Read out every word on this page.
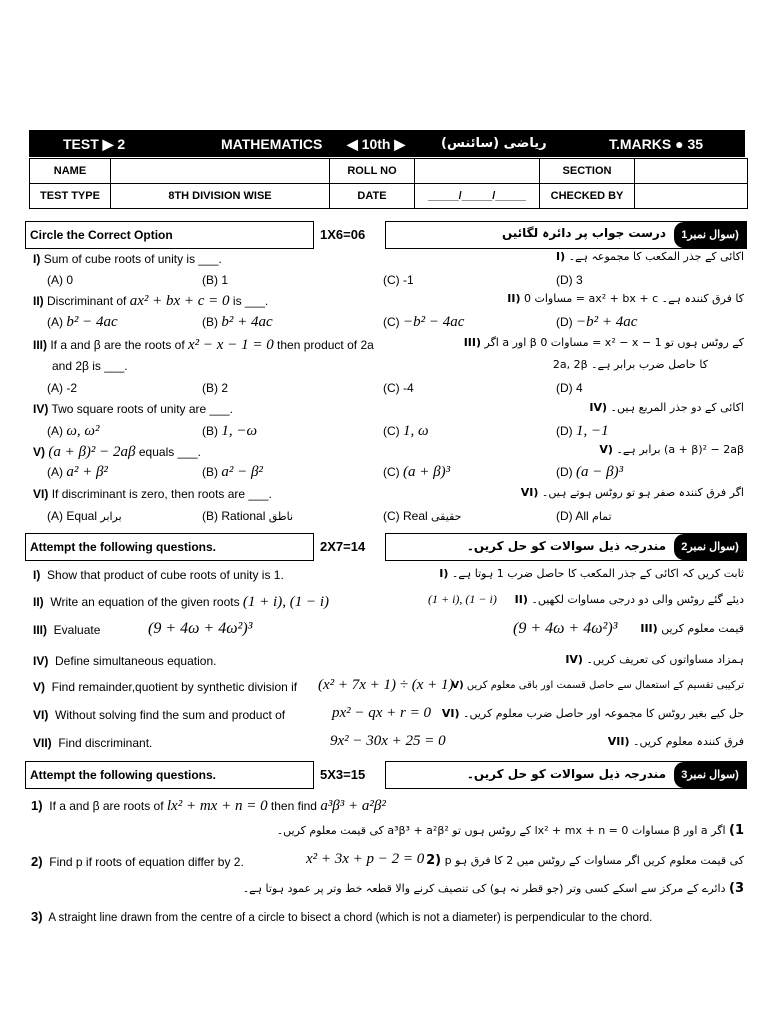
TEST ▶ 2	MATHEMATICS ◀ 10th ▶	ریاضی (سائنس)	T.MARKS ● 35
NAME		ROLL NO		SECTION	
TEST TYPE	8TH DIVISION WISE	DATE	_____/_____/_____	CHECKED BY	
Circle the Correct Option	1X6=06	درست جواب پر دائرہ لگائیں	سوال نمبر1)
I) Sum of cube roots of unity is ___.	I) اکائی کے جذر المکعب کا مجموعہ ہے۔
(A) 0	(B) 1	(C) -1	(D) 3
II) Discriminant of ax² + bx + c = 0 is ___.	II) مساوات 0 = ax² + bx + c کا فرق کنندہ ہے۔
(A) b² − 4ac	(B) b² + 4ac	(C) −b² − 4ac	(D) −b² + 4ac
III) If a and β are the roots of x² − x − 1 = 0 then product of 2a
and 2β is ___.
III) اگر a اور β مساوات 0 = x² − x − 1 کے روٹس ہوں تو
2a, 2β کا حاصل ضرب برابر ہے۔
(A) -2	(B) 2	(C) -4	(D) 4
IV) Two square roots of unity are ___.	IV) اکائی کے دو جذر المربع ہیں۔
(A) ω, ω²	(B) 1, −ω	(C) 1, ω	(D) 1, −1
V) (a + β)² − 2aβ equals ___.	V) برابر ہے۔ (a + β)² − 2aβ
(A) a² + β²	(B) a² − β²	(C) (a + β)³	(D) (a − β)³
VI) If discriminant is zero, then roots are ___.	VI) اگر فرق کنندہ صفر ہو تو روٹس ہوتے ہیں۔
(A) Equal برابر	(B) Rational ناطق	(C) Real حقیقی	(D) All تمام
Attempt the following questions.	2X7=14	مندرجہ ذیل سوالات کو حل کریں۔	سوال نمبر2)
I) Show that product of cube roots of unity is 1.	I) ثابت کریں کہ اکائی کے جذر المکعب کا حاصل ضرب 1 ہوتا ہے۔
II) Write an equation of the given roots (1 + i), (1 − i)	(1 + i), (1 − i) II) دیئے گئے روٹس والی دو درجی مساوات لکھیں۔
III) Evaluate	(9 + 4ω + 4ω²)³	(9 + 4ω + 4ω²)³ III) قیمت معلوم کریں
IV) Define simultaneous equation.	IV) ہمزاد مساواتوں کی تعریف کریں۔
V) Find remainder,quotient by synthetic division if (x² + 7x + 1) ÷ (x + 1)
V) ترکیبی تقسیم کے استعمال سے حاصل قسمت اور باقی معلوم کریں
VI) Without solving find the sum and product of	px² − qx + r = 0 VI) حل کیے بغیر روٹس کا مجموعہ اور حاصل ضرب معلوم کریں۔
VII) Find discriminant.	9x² − 30x + 25 = 0	VII) فرق کنندہ معلوم کریں۔
Attempt the following questions.	5X3=15	مندرجہ ذیل سوالات کو حل کریں۔	سوال نمبر3)
1) If a and β are roots of lx² + mx + n = 0 then find a³β³ + a²β²
1) اگر a اور β مساوات lx² + mx + n = 0 کے روٹس ہوں تو a³β³ + a²β² کی قیمت معلوم کریں۔
2) Find p if roots of equation differ by 2.	x² + 3x + p − 2 = 0 2) p کی قیمت معلوم کریں اگر مساوات کے روٹس میں 2 کا فرق ہو
3) دائرے کے مرکز سے اسکے کسی وتر (جو قطر نہ ہو) کی تنصیف کرنے والا قطعہ خط وتر پر عمود ہوتا ہے۔
3) A straight line drawn from the centre of a circle to bisect a chord (which is not a diameter) is perpendicular to the chord.
